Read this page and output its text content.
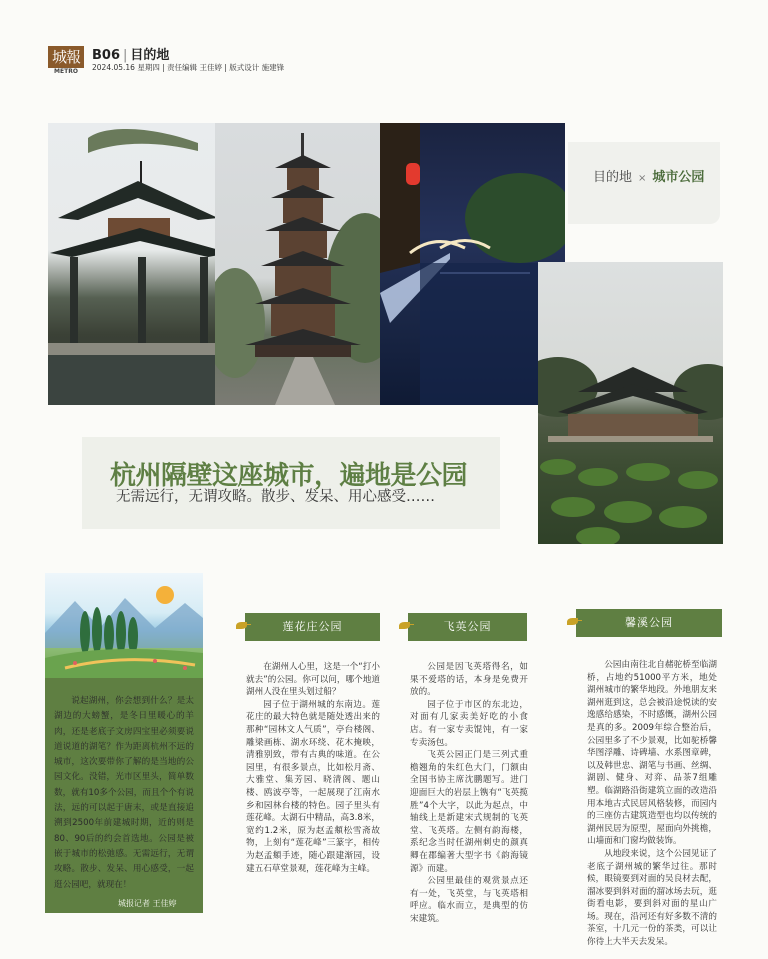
城報
METRO
B06 | 目的地
2024.05.16 星期四 | 责任编辑 王佳婷 | 版式设计 施建锋
目的地 × 城市公园
杭州隔壁这座城市，遍地是公园
无需远行，无谓攻略。散步、发呆、用心感受……
说起湖州，你会想到什么？是太湖边的大螃蟹，是冬日里暖心的羊肉，还是老底子文房四宝里必须要说道说道的湖笔？作为距离杭州不远的城市，这次要带你了解的是当地的公园文化。没错，光市区里头，简单数数，就有10多个公园，而且个个有说法，远的可以起于唐末，或是直接追溯到2500年前建城时期，近的则是80、90后的约会首选地。公园是被嵌于城市的松弛感。无需远行，无谓攻略。散步、发呆、用心感受，一起逛公园吧，就现在！
城报记者 王佳婷
莲花庄公园

在湖州人心里，这是一个“打小就去”的公园。你可以问，哪个地道湖州人没在里头划过船？

园子位于湖州城的东南边。莲花庄的最大特色就是随处透出来的那种“园林文人气质”，亭台楼阁、雕梁画栋、湖水环绕、花木掩映，清雅别致，带有古典的味道。在公园里，有很多景点，比如松月斋、大雅堂、集芳园、晓清阁、题山楼、鸥波亭等，一起展现了江南水乡和园林台楼的特色。园子里头有莲花峰。太湖石中精品，高3.8米，宽约1.2米，原为赵孟頫松雪斋故物，上刻有“莲花峰”三篆字，相传为赵孟頫手迹，随心跟建渐园，设建五石草堂景观，莲花峰为主峰。

飞英公园

公园是因飞英塔得名，如果不爱塔的话，本身是免费开放的。

园子位于市区的东北边，对面有几家卖美好吃的小食店。有一家专卖馄饨，有一家专卖汤包。

飞英公园正门是三列式重檐翘角的朱红色大门，门额由全国书协主席沈鹏题写。进门迎面巨大的岩层上镌有“飞英揽胜”4个大字，以此为起点，中轴线上是新建宋式规制的飞英堂、飞英塔。左侧有韵海楼，系纪念当时任湖州刺史的颜真卿在郡编著大型字书《韵海镜源》而建。

公园里最佳的观赏景点还有一处，飞英堂，与飞英塔相呼应。临水而立，是典型的仿宋建筑。

馨溪公园

公园由南往北自赭驼桥至临湖桥，占地约51000平方米，地处湖州城市的繁华地段。外地朋友来湖州逛到这，总会被沿途悦读的安逸感给感染，不时感慨，湖州公园是真的多。2009年综合整治后，公园里多了不少景观，比如驼桥馨华图浮雕、诗碑墙、水系图章碑，以及韩世忠、湖笔与书画、丝绸、湖剧、健身、对弈、品茶7组雕塑。临湖路沿街建筑立面的改造沿用本地古式民居风格装修，而园内的三座仿古建筑造型也均以传统的湖州民居为原型，屋面向外挑檐，山墙面和门窗均做装饰。

从地段来说，这个公园见证了老底子湖州城的繁华过往。那时候，眼镜要到对面的吴良材去配，溜冰要到斜对面的溜冰场去玩，逛街看电影，要到斜对面的星山广场。现在，沿河还有好多数不清的茶室，十几元一份的茶类，可以让你待上大半天去发呆。
